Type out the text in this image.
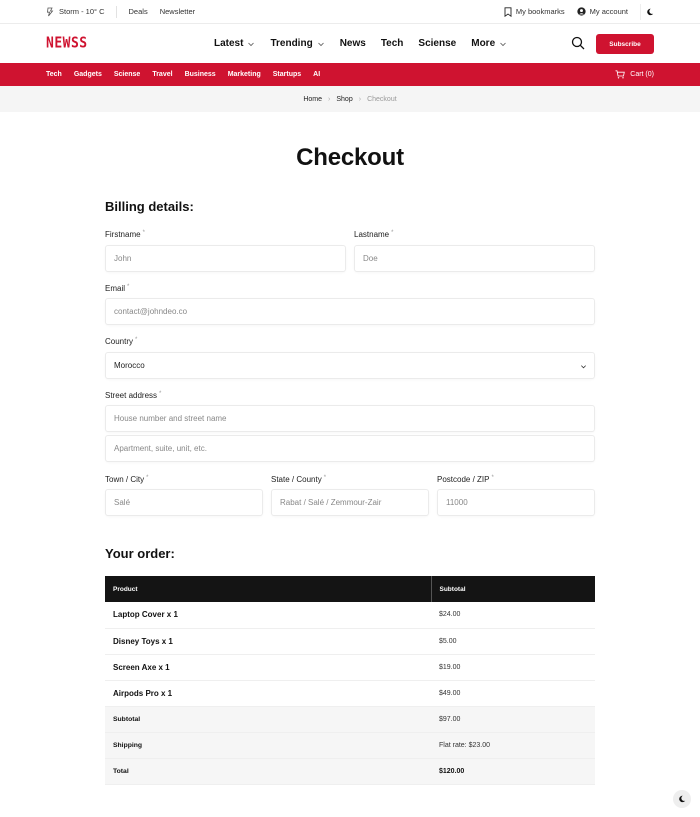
Storm - 10° C	Deals Newsletter	My bookmarks	My account
NEWSS	Latest	Trending	News Tech Sciense More	Subscribe
Tech Gadgets Sciense Travel Business Marketing Startups AI	Cart (0)
Home › Shop › Checkout
Checkout
Billing details:
Firstname *
John
Lastname *
Doe
Email *
contact@johndeo.co
Country *
Morocco
Street address *
House number and street name
Apartment, suite, unit, etc.
Town / City *
Salé
State / County *
Rabat / Salé / Zemmour-Zair
Postcode / ZIP *
11000
Your order:
Product	Subtotal
Laptop Cover x 1	$24.00
Disney Toys x 1	$5.00
Screen Axe x 1	$19.00
Airpods Pro x 1	$49.00
Subtotal	$97.00
Shipping	Flat rate: $23.00
Total	$120.00
